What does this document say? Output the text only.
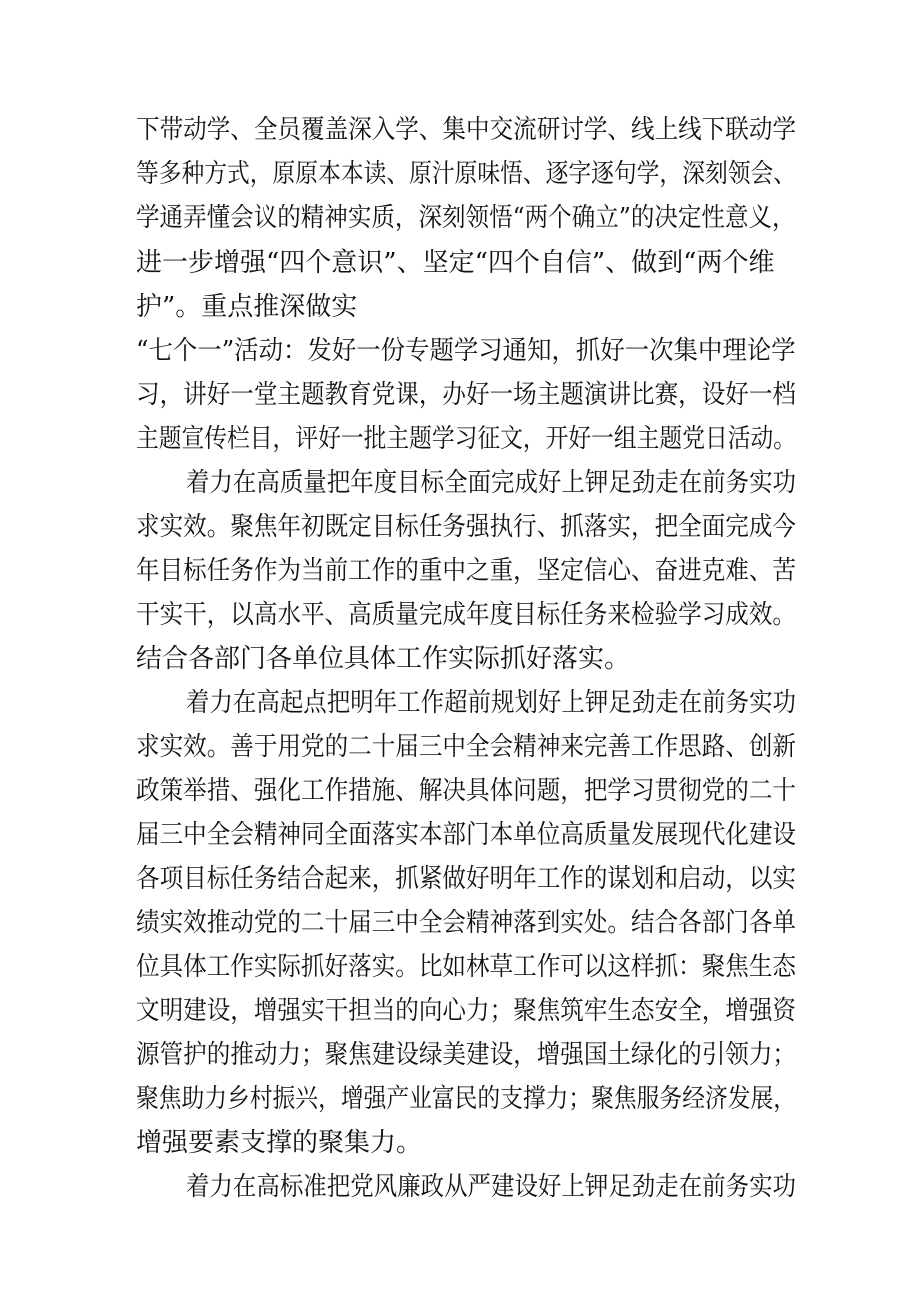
下带动学、全员覆盖深入学、集中交流研讨学、线上线下联动学
等多种方式，原原本本读、原汁原味悟、逐字逐句学，深刻领会、
学通弄懂会议的精神实质，深刻领悟“两个确立”的决定性意义，
进一步增强“四个意识”、坚定“四个自信”、做到“两个维
护”。重点推深做实
“七个一”活动：发好一份专题学习通知，抓好一次集中理论学
习，讲好一堂主题教育党课，办好一场主题演讲比赛，设好一档
主题宣传栏目，评好一批主题学习征文，开好一组主题党日活动。
着力在高质量把年度目标全面完成好上钾足劲走在前务实功
求实效。聚焦年初既定目标任务强执行、抓落实，把全面完成今
年目标任务作为当前工作的重中之重，坚定信心、奋进克难、苦
干实干，以高水平、高质量完成年度目标任务来检验学习成效。
结合各部门各单位具体工作实际抓好落实。
着力在高起点把明年工作超前规划好上钾足劲走在前务实功
求实效。善于用党的二十届三中全会精神来完善工作思路、创新
政策举措、强化工作措施、解决具体问题，把学习贯彻党的二十
届三中全会精神同全面落实本部门本单位高质量发展现代化建设
各项目标任务结合起来，抓紧做好明年工作的谋划和启动，以实
绩实效推动党的二十届三中全会精神落到实处。结合各部门各单
位具体工作实际抓好落实。比如林草工作可以这样抓：聚焦生态
文明建设，增强实干担当的向心力；聚焦筑牢生态安全，增强资
源管护的推动力；聚焦建设绿美建设，增强国土绿化的引领力；
聚焦助力乡村振兴，增强产业富民的支撑力；聚焦服务经济发展，
增强要素支撑的聚集力。
着力在高标准把党风廉政从严建设好上钾足劲走在前务实功
